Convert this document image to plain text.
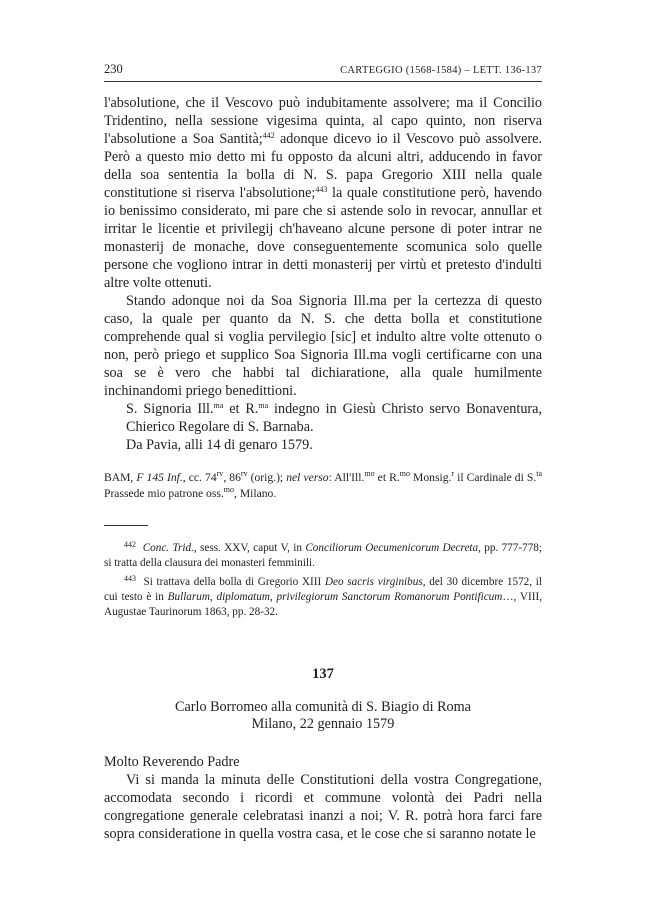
230	CARTEGGIO (1568-1584) – LETT. 136-137

l'absolutione, che il Vescovo può indubitamente assolvere; ma il Concilio Tridentino, nella sessione vigesima quinta, al capo quinto, non riserva l'absolutione a Soa Santità;$^{442}$ adonque dicevo io il Vescovo può assolvere. Però a questo mio detto mi fu opposto da alcuni altri, adducendo in favor della soa sententia la bolla di N. S. papa Gregorio XIII nella quale constitutione si riserva l'absolutione;$^{443}$ la quale constitutione però, havendo io benissimo considerato, mi pare che si astende solo in revocar, annullar et irritar le licentie et privilegij ch'haveano alcune persone di poter intrar ne monasterij de monache, dove conseguentemente scomunica solo quelle persone che vogliono intrar in detti monasterij per virtù et pretesto d'indulti altre volte ottenuti.

Stando adonque noi da Soa Signoria Ill.ma per la certezza di questo caso, la quale per quanto da N. S. che detta bolla et constitutione comprehende qual si voglia pervilegio [sic] et indulto altre volte ottenuto o non, però priego et supplico Soa Signoria Ill.ma vogli certificarne con una soa se è vero che habbi tal dichiaratione, alla quale humilmente inchinandomi priego benedittioni.

S. Signoria Ill.$^{ma}$ et R.$^{ma}$ indegno in Giesù Christo servo Bonaventura, Chierico Regolare di S. Barnaba.

Da Pavia, alli 14 di genaro 1579.

BAM, F 145 Inf., cc. $74^{rv}$, $86^{rv}$ (orig.); nel verso: All'Ill.$^{mo}$ et R.$^{mo}$ Monsig.$^r$ il Cardinale di S.$^{ta}$ Prassede mio patrone oss.$^{mo}$, Milano.

$^{442}$ Conc. Trid., sess. XXV, caput V, in Conciliorum Oecumenicorum Decreta, pp. 777-778; si tratta della clausura dei monasteri femminili.

$^{443}$ Si trattava della bolla di Gregorio XIII Deo sacris virginibus, del 30 dicembre 1572, il cui testo è in Bullarum, diplomatum, privilegiorum Sanctorum Romanorum Pontificum…, VIII, Augustae Taurinorum 1863, pp. 28-32.

137
Carlo Borromeo alla comunità di S. Biagio di Roma
Milano, 22 gennaio 1579

Molto Reverendo Padre

Vi si manda la minuta delle Constitutioni della vostra Congregatione, accomodata secondo i ricordi et commune volontà dei Padri nella congregatione generale celebratasi inanzi a noi; V. R. potrà hora farci fare sopra consideratione in quella vostra casa, et le cose che si saranno notate le
